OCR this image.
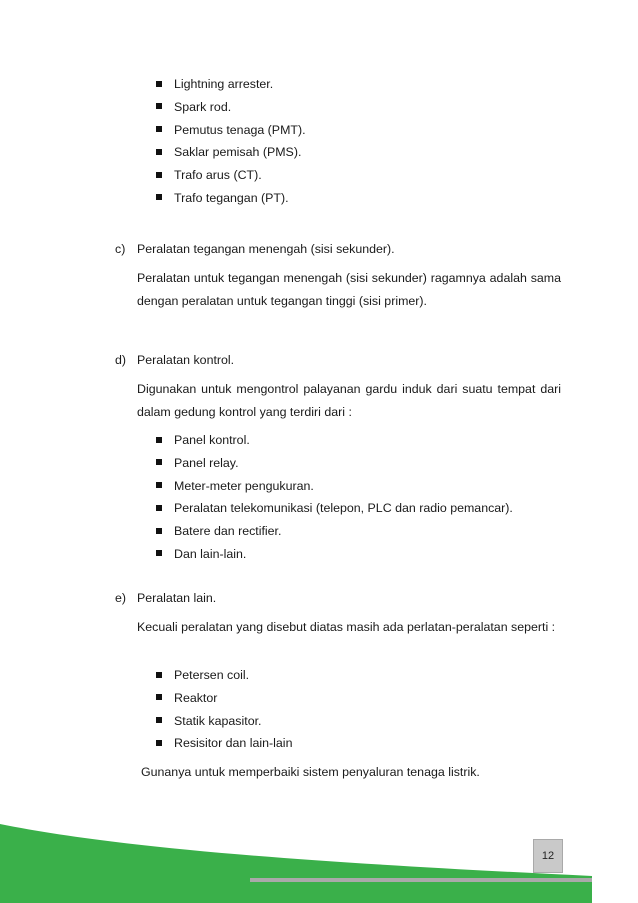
Lightning arrester.
Spark rod.
Pemutus tenaga (PMT).
Saklar pemisah (PMS).
Trafo arus (CT).
Trafo tegangan (PT).
c) Peralatan tegangan menengah (sisi sekunder).
Peralatan untuk tegangan menengah (sisi sekunder) ragamnya adalah sama dengan peralatan untuk tegangan tinggi (sisi primer).
d) Peralatan kontrol.
Digunakan untuk mengontrol palayanan gardu induk dari suatu tempat dari dalam gedung kontrol yang terdiri dari :
Panel kontrol.
Panel relay.
Meter-meter pengukuran.
Peralatan telekomunikasi (telepon, PLC dan radio pemancar).
Batere dan rectifier.
Dan lain-lain.
e) Peralatan lain.
Kecuali peralatan yang disebut diatas masih ada perlatan-peralatan seperti :
Petersen coil.
Reaktor
Statik kapasitor.
Resisitor dan lain-lain
Gunanya untuk memperbaiki sistem penyaluran tenaga listrik.
12
